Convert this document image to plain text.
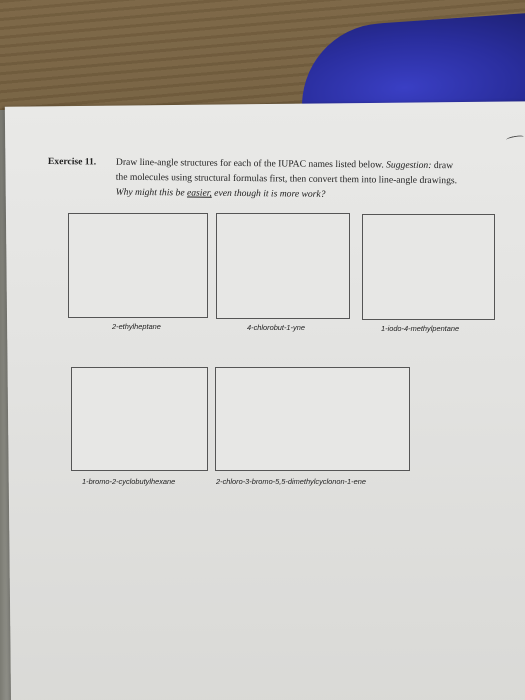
Exercise 11. Draw line-angle structures for each of the IUPAC names listed below. Suggestion: draw
the molecules using structural formulas first, then convert them into line-angle drawings.
Why might this be easier, even though it is more work?
2-ethylheptane	4-chlorobut-1-yne	1-iodo-4-methylpentane
1-bromo-2-cyclobutylhexane	2-chloro-3-bromo-5,5-dimethylcyclonon-1-ene
